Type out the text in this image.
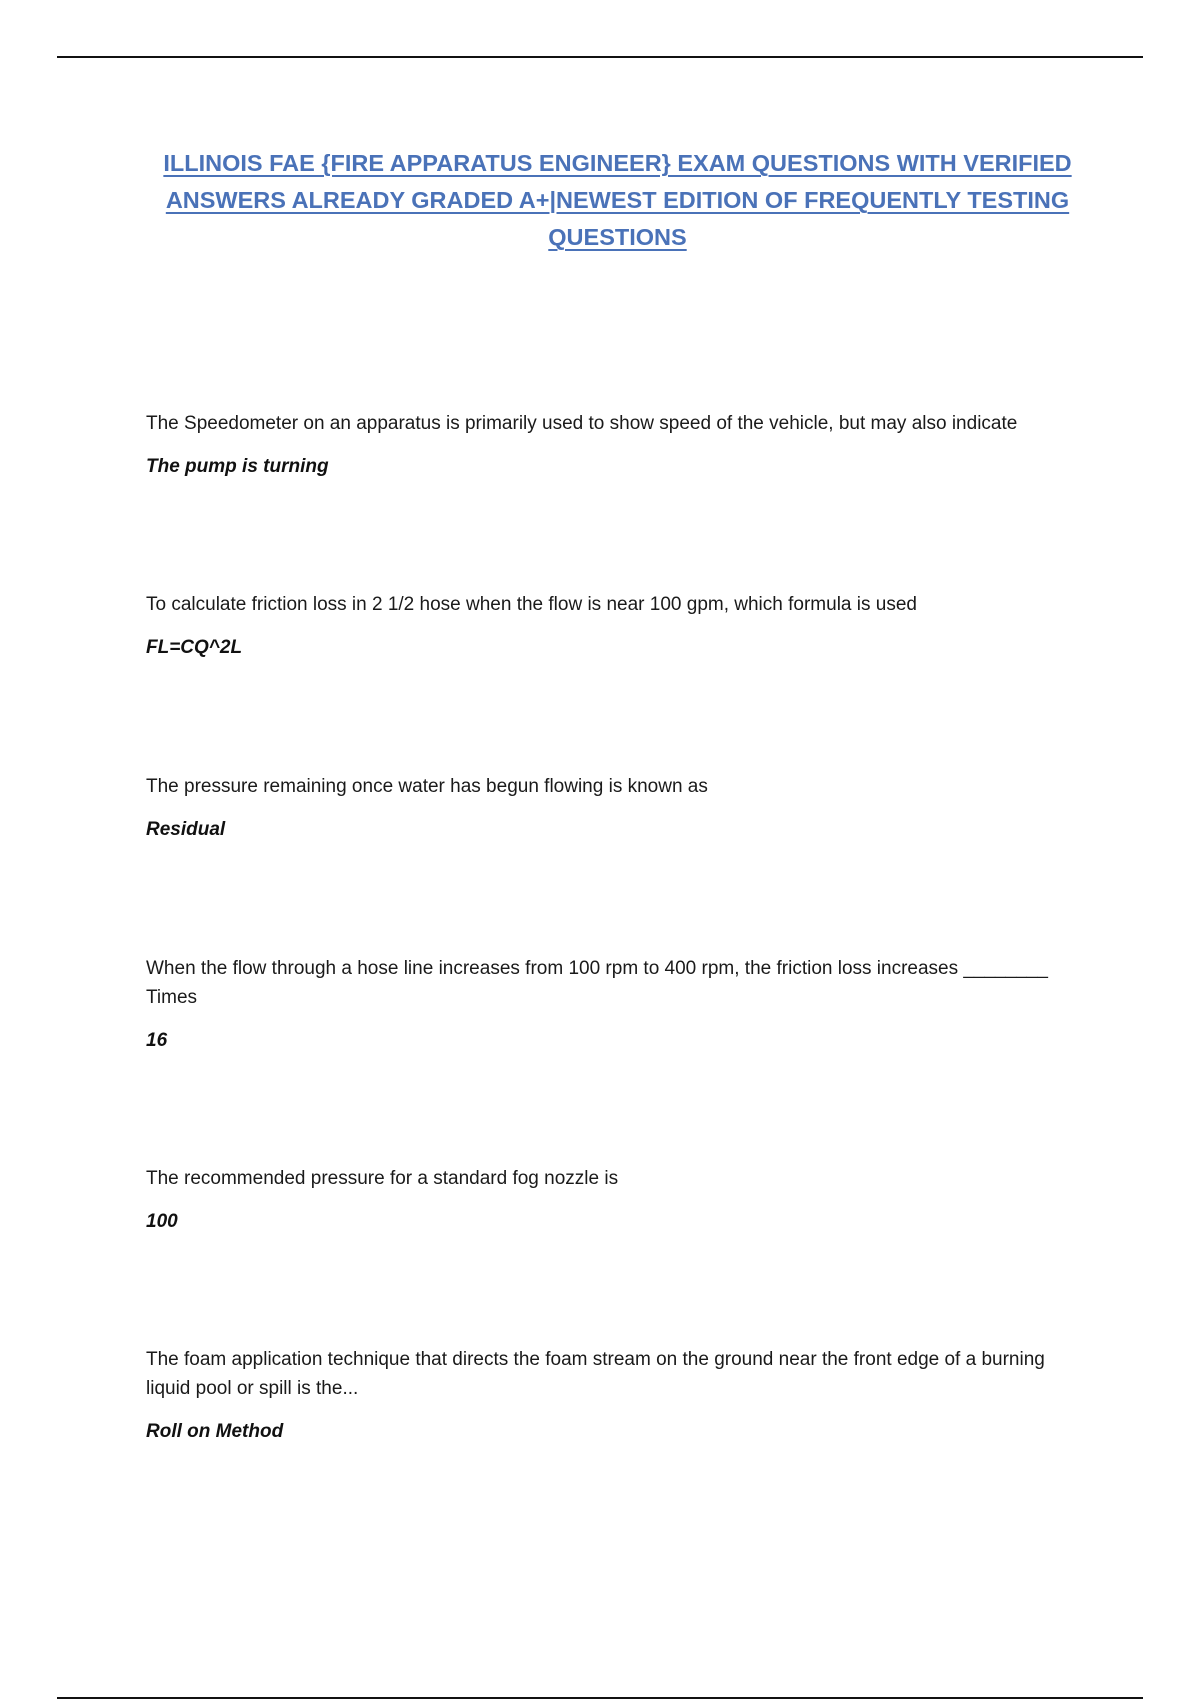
ILLINOIS FAE {FIRE APPARATUS ENGINEER} EXAM QUESTIONS WITH VERIFIED ANSWERS ALREADY GRADED A+|NEWEST EDITION OF FREQUENTLY TESTING QUESTIONS

The Speedometer on an apparatus is primarily used to show speed of the vehicle, but may also indicate

The pump is turning

To calculate friction loss in 2 1/2 hose when the flow is near 100 gpm, which formula is used

FL=CQ^2L

The pressure remaining once water has begun flowing is known as

Residual

When the flow through a hose line increases from 100 rpm to 400 rpm, the friction loss increases ________ Times

16

The recommended pressure for a standard fog nozzle is

100

The foam application technique that directs the foam stream on the ground near the front edge of a burning liquid pool or spill is the...

Roll on Method
